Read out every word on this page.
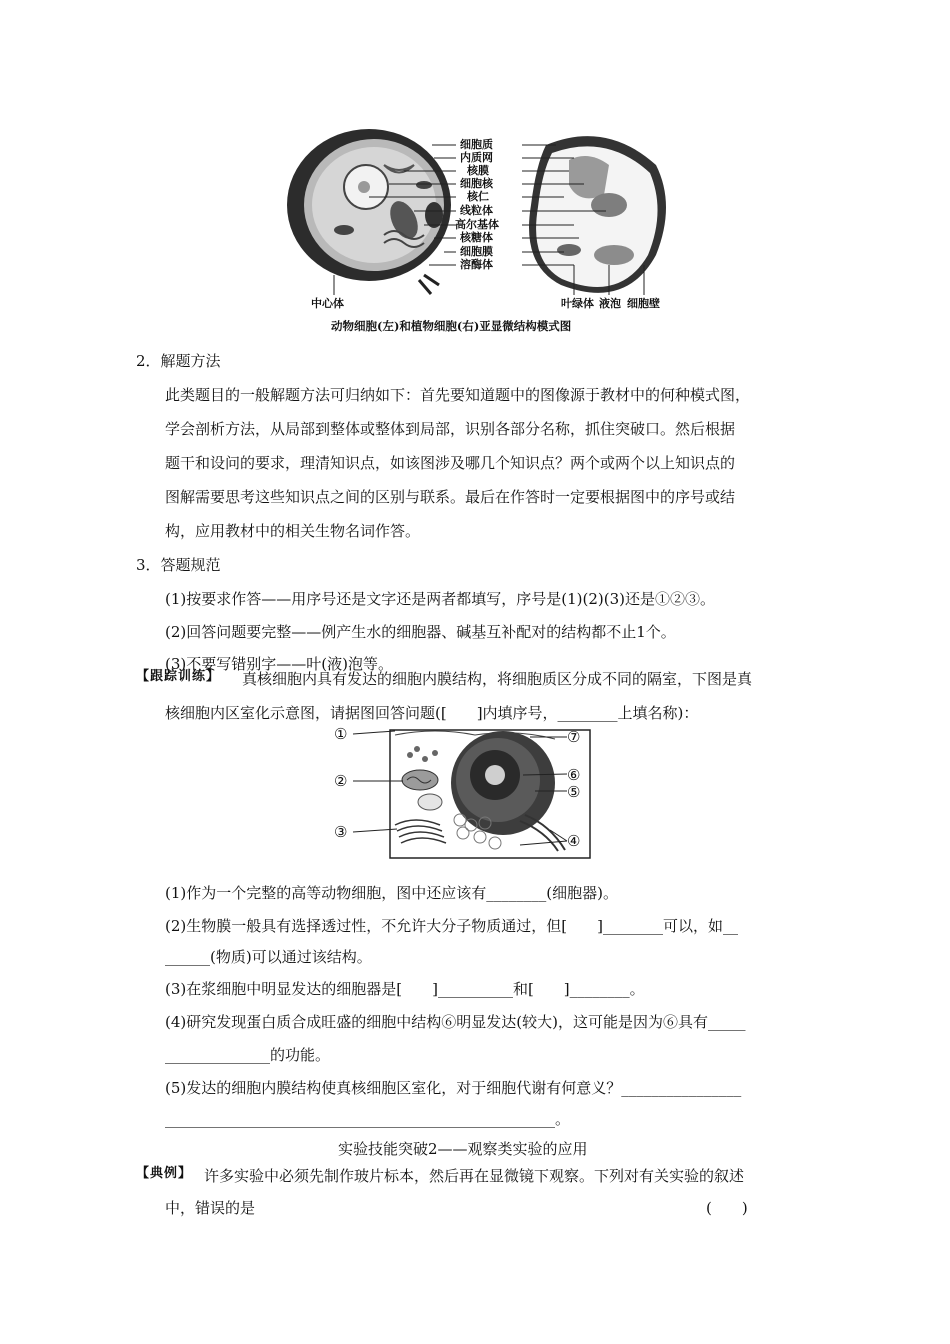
细胞质
内质网
核膜
细胞核
核仁
线粒体
高尔基体
核糖体
细胞膜
溶酶体
中心体	叶绿体 液泡 细胞壁
动物细胞(左)和植物细胞(右)亚显微结构模式图
2．解题方法
此类题目的一般解题方法可归纳如下：首先要知道题中的图像源于教材中的何种模式图，
学会剖析方法，从局部到整体或整体到局部，识别各部分名称，抓住突破口。然后根据
题干和设问的要求，理清知识点，如该图涉及哪几个知识点？两个或两个以上知识点的
图解需要思考这些知识点之间的区别与联系。最后在作答时一定要根据图中的序号或结
构，应用教材中的相关生物名词作答。
3．答题规范
(1)按要求作答——用序号还是文字还是两者都填写，序号是(1)(2)(3)还是①②③。
(2)回答问题要完整——例产生水的细胞器、碱基互补配对的结构都不止1个。
(3)不要写错别字——叶(液)泡等。
【跟踪训练】 真核细胞内具有发达的细胞内膜结构，将细胞质区分成不同的隔室，下图是真
核细胞内区室化示意图，请据图回答问题([　　]内填序号，________上填名称)：
①
②
③	④
⑤
⑥
⑦
(1)作为一个完整的高等动物细胞，图中还应该有________(细胞器)。
(2)生物膜一般具有选择透过性，不允许大分子物质通过，但[　　]________可以，如__
______(物质)可以通过该结构。
(3)在浆细胞中明显发达的细胞器是[　　]__________和[　　]________。
(4)研究发现蛋白质合成旺盛的细胞中结构⑥明显发达(较大)，这可能是因为⑥具有_____
______________的功能。
(5)发达的细胞内膜结构使真核细胞区室化，对于细胞代谢有何意义？________________
____________________________________________________。
实验技能突破2——观察类实验的应用
【典例】 许多实验中必须先制作玻片标本，然后再在显微镜下观察。下列对有关实验的叙述
中，错误的是	(　　)
